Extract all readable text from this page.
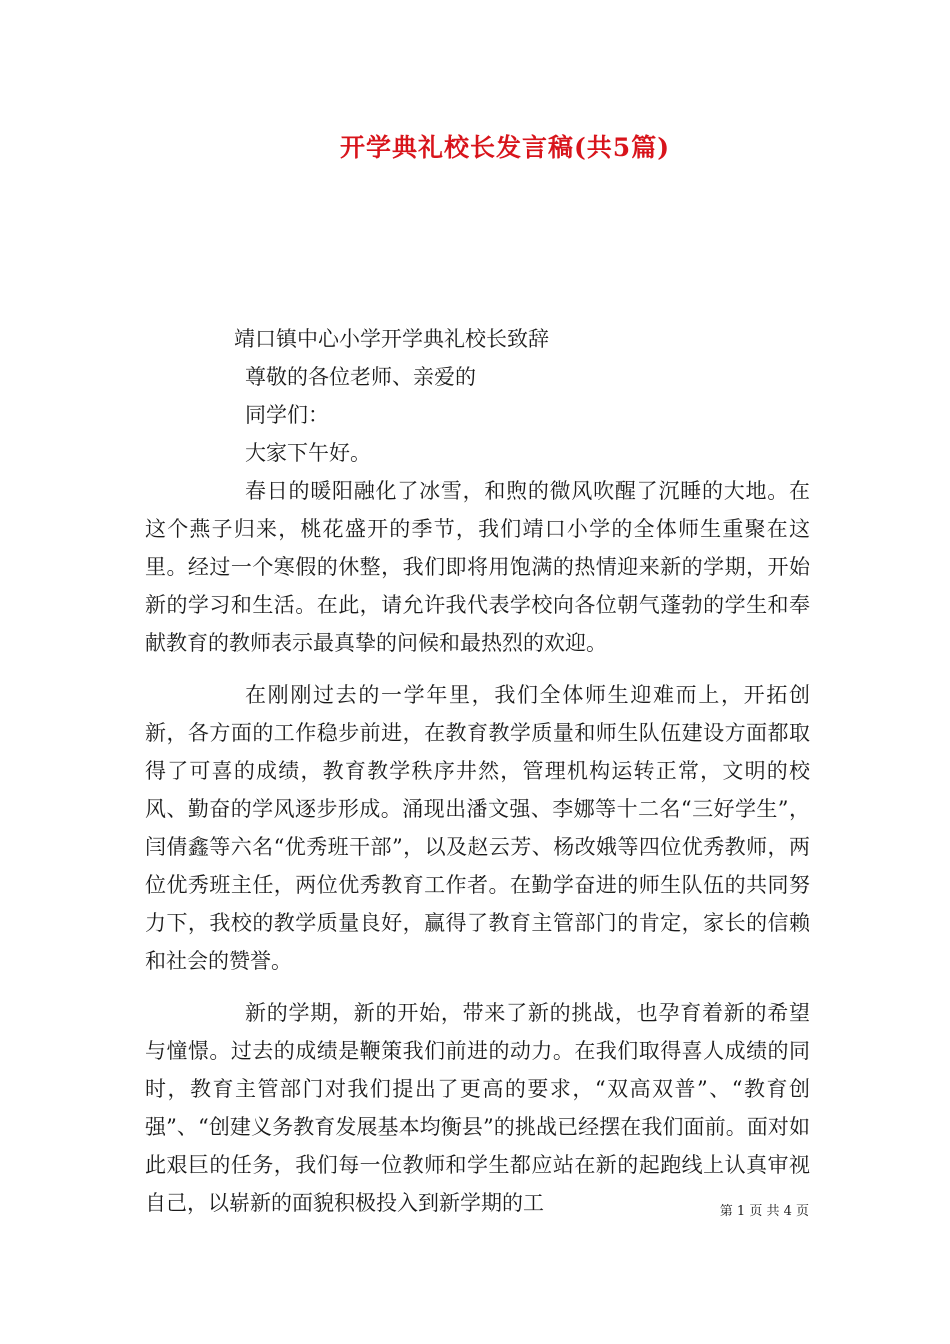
开学典礼校长发言稿(共5篇)

靖口镇中心小学开学典礼校长致辞

尊敬的各位老师、亲爱的

同学们：

大家下午好。

春日的暖阳融化了冰雪，和煦的微风吹醒了沉睡的大地。在这个燕子归来，桃花盛开的季节，我们靖口小学的全体师生重聚在这里。经过一个寒假的休整，我们即将用饱满的热情迎来新的学期，开始新的学习和生活。在此，请允许我代表学校向各位朝气蓬勃的学生和奉献教育的教师表示最真挚的问候和最热烈的欢迎。

在刚刚过去的一学年里，我们全体师生迎难而上，开拓创新，各方面的工作稳步前进，在教育教学质量和师生队伍建设方面都取得了可喜的成绩，教育教学秩序井然，管理机构运转正常，文明的校风、勤奋的学风逐步形成。涌现出潘文强、李娜等十二名“三好学生”，闫倩鑫等六名“优秀班干部”，以及赵云芳、杨改娥等四位优秀教师，两位优秀班主任，两位优秀教育工作者。在勤学奋进的师生队伍的共同努力下，我校的教学质量良好，赢得了教育主管部门的肯定，家长的信赖和社会的赞誉。

新的学期，新的开始，带来了新的挑战，也孕育着新的希望与憧憬。过去的成绩是鞭策我们前进的动力。在我们取得喜人成绩的同时，教育主管部门对我们提出了更高的要求，“双高双普”、“教育创强”、“创建义务教育发展基本均衡县”的挑战已经摆在我们面前。面对如此艰巨的任务，我们每一位教师和学生都应站在新的起跑线上认真审视自己，以崭新的面貌积极投入到新学期的工	第 1 页 共 4 页
